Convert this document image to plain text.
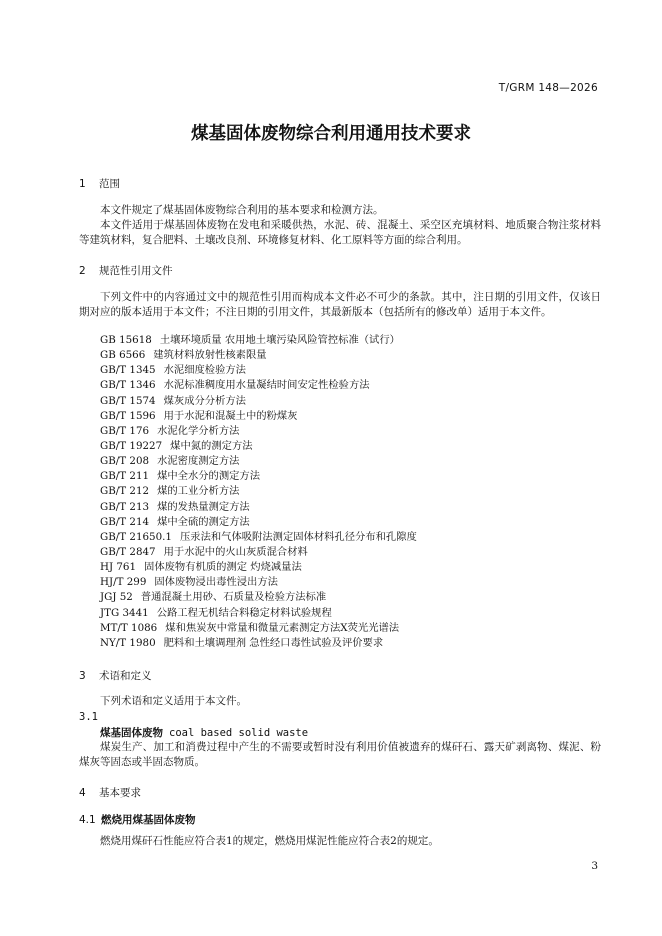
T/GRM 148—2026
煤基固体废物综合利用通用技术要求
1 范围
本文件规定了煤基固体废物综合利用的基本要求和检测方法。
本文件适用于煤基固体废物在发电和采暖供热，水泥、砖、混凝土、采空区充填材料、地质聚合物注浆材料等建筑材料，复合肥料、土壤改良剂、环境修复材料、化工原料等方面的综合利用。
2 规范性引用文件
下列文件中的内容通过文中的规范性引用而构成本文件必不可少的条款。其中，注日期的引用文件，仅该日期对应的版本适用于本文件；不注日期的引用文件，其最新版本（包括所有的修改单）适用于本文件。
GB 15618 土壤环境质量 农用地土壤污染风险管控标准（试行）
GB 6566 建筑材料放射性核素限量
GB/T 1345 水泥细度检验方法
GB/T 1346 水泥标准稠度用水量凝结时间安定性检验方法
GB/T 1574 煤灰成分分析方法
GB/T 1596 用于水泥和混凝土中的粉煤灰
GB/T 176 水泥化学分析方法
GB/T 19227 煤中氮的测定方法
GB/T 208 水泥密度测定方法
GB/T 211 煤中全水分的测定方法
GB/T 212 煤的工业分析方法
GB/T 213 煤的发热量测定方法
GB/T 214 煤中全硫的测定方法
GB/T 21650.1 压汞法和气体吸附法测定固体材料孔径分布和孔隙度
GB/T 2847 用于水泥中的火山灰质混合材料
HJ 761 固体废物有机质的测定 灼烧减量法
HJ/T 299 固体废物浸出毒性浸出方法
JGJ 52 普通混凝土用砂、石质量及检验方法标准
JTG 3441 公路工程无机结合料稳定材料试验规程
MT/T 1086 煤和焦炭灰中常量和微量元素测定方法X荧光光谱法
NY/T 1980 肥料和土壤调理剂 急性经口毒性试验及评价要求
3 术语和定义
下列术语和定义适用于本文件。
3.1
煤基固体废物 coal based solid waste
煤炭生产、加工和消费过程中产生的不需要或暂时没有利用价值被遗弃的煤矸石、露天矿剥离物、煤泥、粉煤灰等固态或半固态物质。
4 基本要求
4.1 燃烧用煤基固体废物
燃烧用煤矸石性能应符合表1的规定，燃烧用煤泥性能应符合表2的规定。
3
